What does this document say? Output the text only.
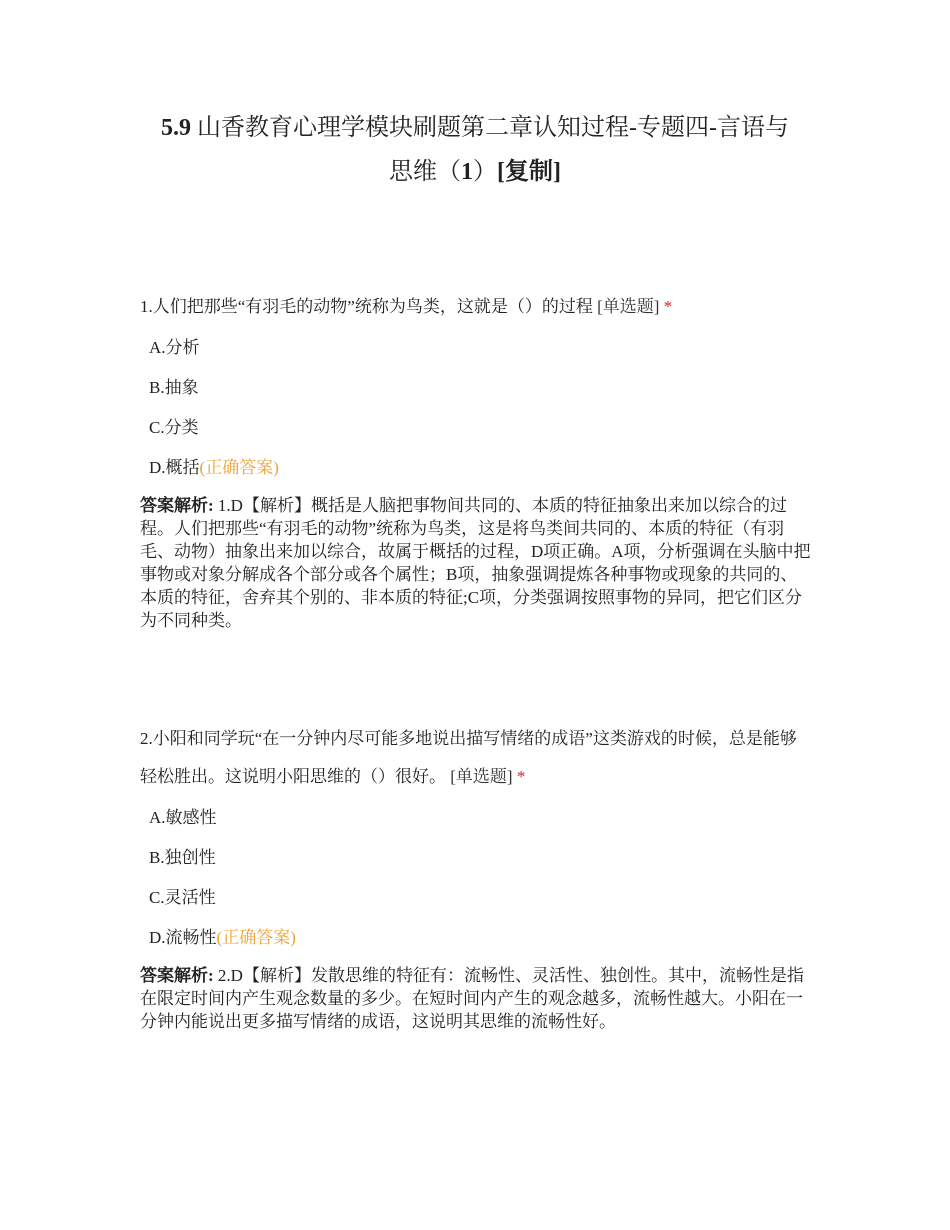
5.9 山香教育心理学模块刷题第二章认知过程-专题四-言语与
思维（1）[复制]

1.人们把那些“有羽毛的动物”统称为鸟类，这就是（）的过程 [单选题] *

A.分析
B.抽象
C.分类
D.概括(正确答案)
答案解析: 1.D【解析】概括是人脑把事物间共同的、本质的特征抽象出来加以综合的过程。人们把那些“有羽毛的动物”统称为鸟类，这是将鸟类间共同的、本质的特征（有羽毛、动物）抽象出来加以综合，故属于概括的过程，D项正确。A项，分析强调在头脑中把事物或对象分解成各个部分或各个属性；B项，抽象强调提炼各种事物或现象的共同的、本质的特征，舍弃其个别的、非本质的特征;C项，分类强调按照事物的异同，把它们区分为不同种类。

2.小阳和同学玩“在一分钟内尽可能多地说出描写情绪的成语”这类游戏的时候，总是能够轻松胜出。这说明小阳思维的（）很好。 [单选题] *

A.敏感性
B.独创性
C.灵活性
D.流畅性(正确答案)
答案解析: 2.D【解析】发散思维的特征有：流畅性、灵活性、独创性。其中，流畅性是指在限定时间内产生观念数量的多少。在短时间内产生的观念越多，流畅性越大。小阳在一分钟内能说出更多描写情绪的成语，这说明其思维的流畅性好。
